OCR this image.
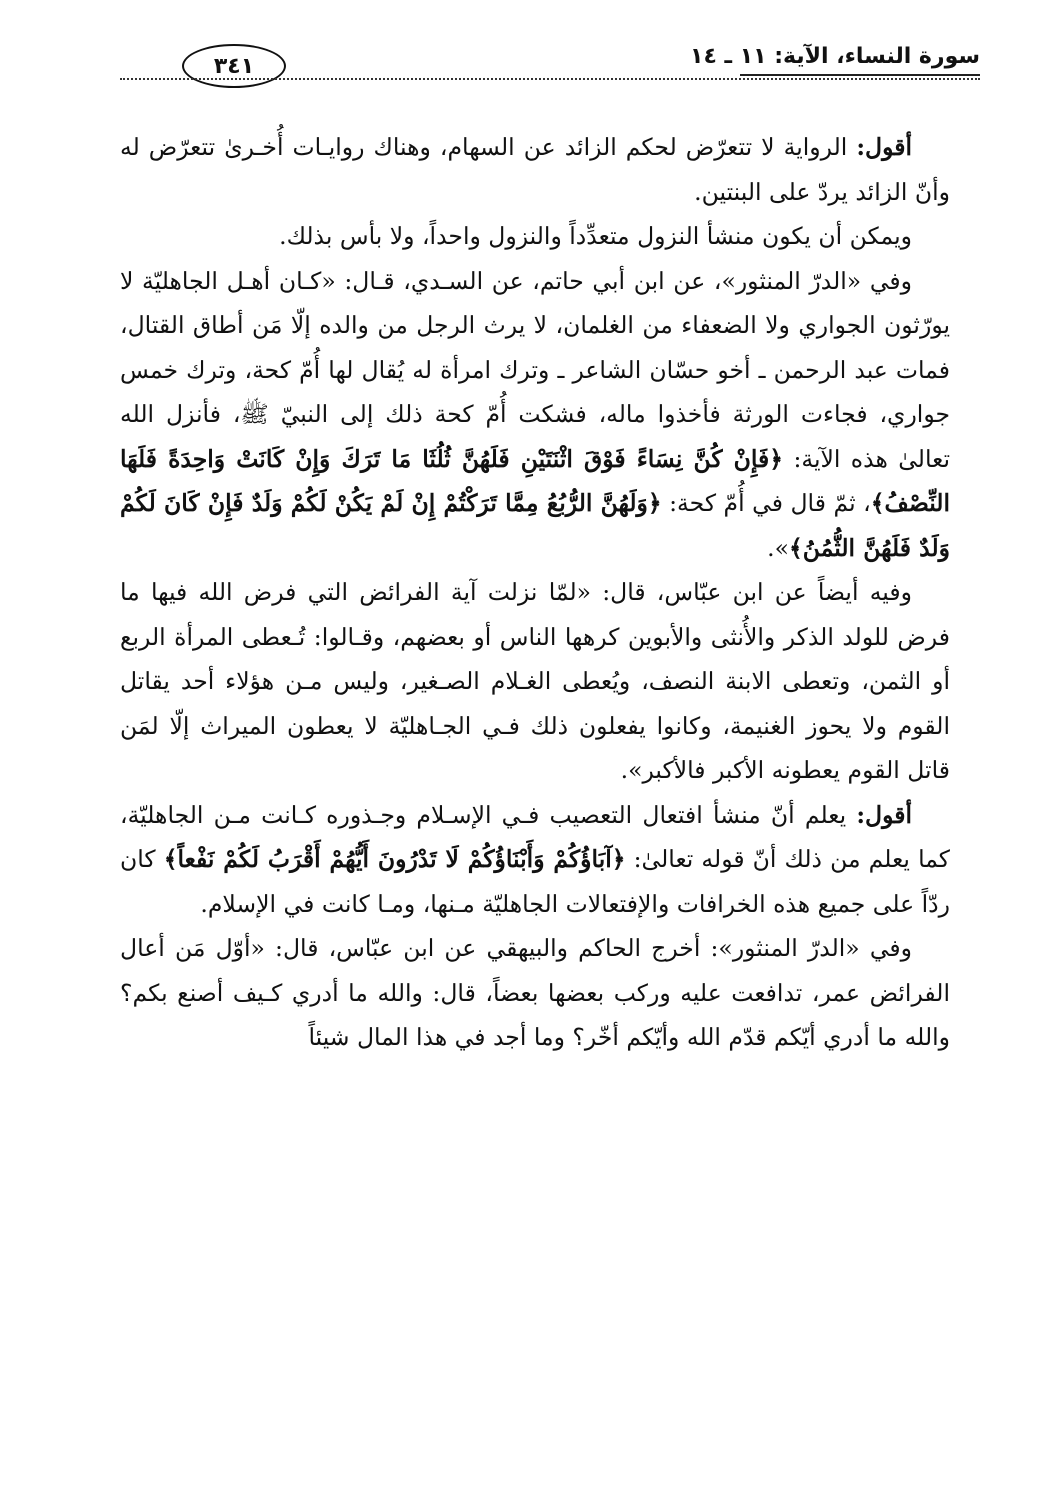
سورة النساء، الآية: ١١ ـ ١٤
٣٤١

أقول: الرواية لا تتعرّض لحكم الزائد عن السهام، وهناك روايـات أُخـرىٰ تتعرّض له وأنّ الزائد يردّ على البنتين.

ويمكن أن يكون منشأ النزول متعدِّداً والنزول واحداً، ولا بأس بذلك.

وفي «الدرّ المنثور»، عن ابن أبي حاتم، عن السـدي، قـال: «كـان أهـل الجاهليّة لا يورّثون الجواري ولا الضعفاء من الغلمان، لا يرث الرجل من والده إلّا مَن أطاق القتال، فمات عبد الرحمن ـ أخو حسّان الشاعر ـ وترك امرأة له يُقال لها أُمّ كحة، وترك خمس جواري، فجاءت الورثة فأخذوا ماله، فشكت أُمّ كحة ذلك إلى النبيّ ﷺ، فأنزل الله تعالىٰ هذه الآية: ﴿فَإِنْ كُنَّ نِسَاءً فَوْقَ اثْنَتَيْنِ فَلَهُنَّ ثُلُثَا مَا تَرَكَ وَإِنْ كَانَتْ وَاحِدَةً فَلَهَا النِّصْفُ﴾، ثمّ قال في أُمّ كحة: ﴿وَلَهُنَّ الرُّبُعُ مِمَّا تَرَكْتُمْ إِنْ لَمْ يَكُنْ لَكُمْ وَلَدٌ فَإِنْ كَانَ لَكُمْ وَلَدٌ فَلَهُنَّ الثُّمُنُ﴾».

وفيه أيضاً عن ابن عبّاس، قال: «لمّا نزلت آية الفرائض التي فرض الله فيها ما فرض للولد الذكر والأُنثى والأبوين كرهها الناس أو بعضهم، وقـالوا: تُـعطى المرأة الربع أو الثمن، وتعطى الابنة النصف، ويُعطى الغـلام الصـغير، وليس مـن هؤلاء أحد يقاتل القوم ولا يحوز الغنيمة، وكانوا يفعلون ذلك فـي الجـاهليّة لا يعطون الميراث إلّا لمَن قاتل القوم يعطونه الأكبر فالأكبر».

أقول: يعلم أنّ منشأ افتعال التعصيب فـي الإسـلام وجـذوره كـانت مـن الجاهليّة، كما يعلم من ذلك أنّ قوله تعالىٰ: ﴿آبَاؤُكُمْ وَأَبْنَاؤُكُمْ لَا تَدْرُونَ أَيُّهُمْ أَقْرَبُ لَكُمْ نَفْعاً﴾ كان ردّاً على جميع هذه الخرافات والإفتعالات الجاهليّة مـنها، ومـا كانت في الإسلام.

وفي «الدرّ المنثور»: أخرج الحاكم والبيهقي عن ابن عبّاس، قال: «أوّل مَن أعال الفرائض عمر، تدافعت عليه وركب بعضها بعضاً، قال: والله ما أدري كـيف أصنع بكم؟ والله ما أدري أيّكم قدّم الله وأيّكم أخّر؟ وما أجد في هذا المال شيئاً
